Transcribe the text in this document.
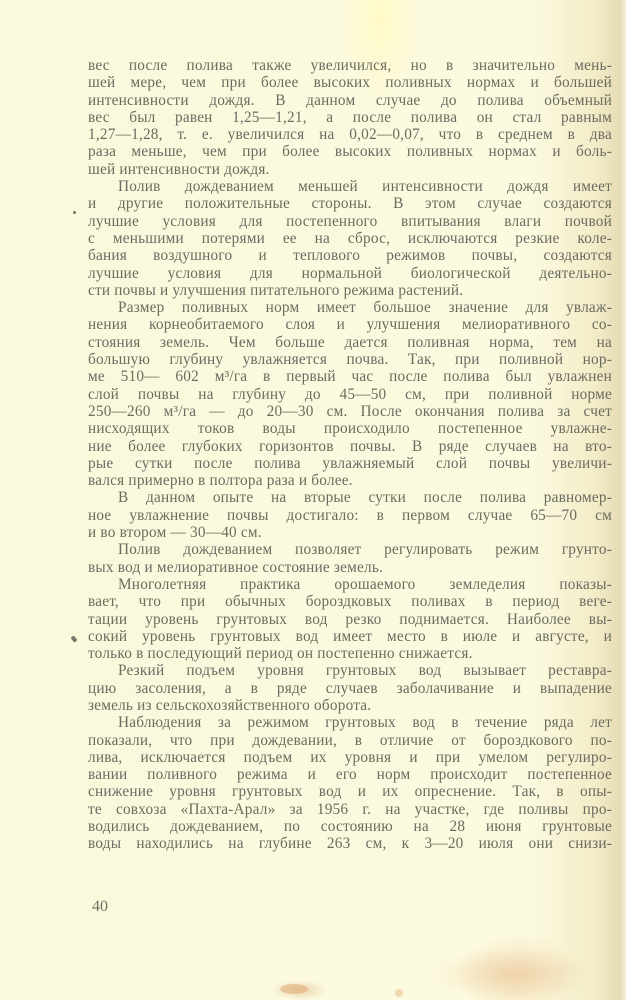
вес после полива также увеличился, но в значительно мень-
шей мере, чем при более высоких поливных нормах и большей
интенсивности дождя. В данном случае до полива объемный
вес был равен 1,25—1,21, а после полива он стал равным
1,27—1,28, т. е. увеличился на 0,02—0,07, что в среднем в два
раза меньше, чем при более высоких поливных нормах и боль-
шей интенсивности дождя.
Полив дождеванием меньшей интенсивности дождя имеет
и другие положительные стороны. В этом случае создаются
лучшие условия для постепенного впитывания влаги почвой
с меньшими потерями ее на сброс, исключаются резкие коле-
бания воздушного и теплового режимов почвы, создаются
лучшие условия для нормальной биологической деятельно-
сти почвы и улучшения питательного режима растений.
Размер поливных норм имеет большое значение для увлаж-
нения корнеобитаемого слоя и улучшения мелиоративного со-
стояния земель. Чем больше дается поливная норма, тем на
большую глубину увлажняется почва. Так, при поливной нор-
ме 510— 602 м³/га в первый час после полива был увлажнен
слой почвы на глубину до 45—50 см, при поливной норме
250—260 м³/га — до 20—30 см. После окончания полива за счет
нисходящих токов воды происходило постепенное увлажне-
ние более глубоких горизонтов почвы. В ряде случаев на вто-
рые сутки после полива увлажняемый слой почвы увеличи-
вался примерно в полтора раза и более.
В данном опыте на вторые сутки после полива равномер-
ное увлажнение почвы достигало: в первом случае 65—70 см
и во втором — 30—40 см.
Полив дождеванием позволяет регулировать режим грунто-
вых вод и мелиоративное состояние земель.
Многолетняя практика орошаемого земледелия показы-
вает, что при обычных бороздковых поливах в период веге-
тации уровень грунтовых вод резко поднимается. Наиболее вы-
сокий уровень грунтовых вод имеет место в июле и августе, и
только в последующий период он постепенно снижается.
Резкий подъем уровня грунтовых вод вызывает реставра-
цию засоления, а в ряде случаев заболачивание и выпадение
земель из сельскохозяйственного оборота.
Наблюдения за режимом грунтовых вод в течение ряда лет
показали, что при дождевании, в отличие от бороздкового по-
лива, исключается подъем их уровня и при умелом регулиро-
вании поливного режима и его норм происходит постепенное
снижение уровня грунтовых вод и их опреснение. Так, в опы-
те совхоза «Пахта-Арал» за 1956 г. на участке, где поливы про-
водились дождеванием, по состоянию на 28 июня грунтовые
воды находились на глубине 263 см, к 3—20 июля они снизи-
40
